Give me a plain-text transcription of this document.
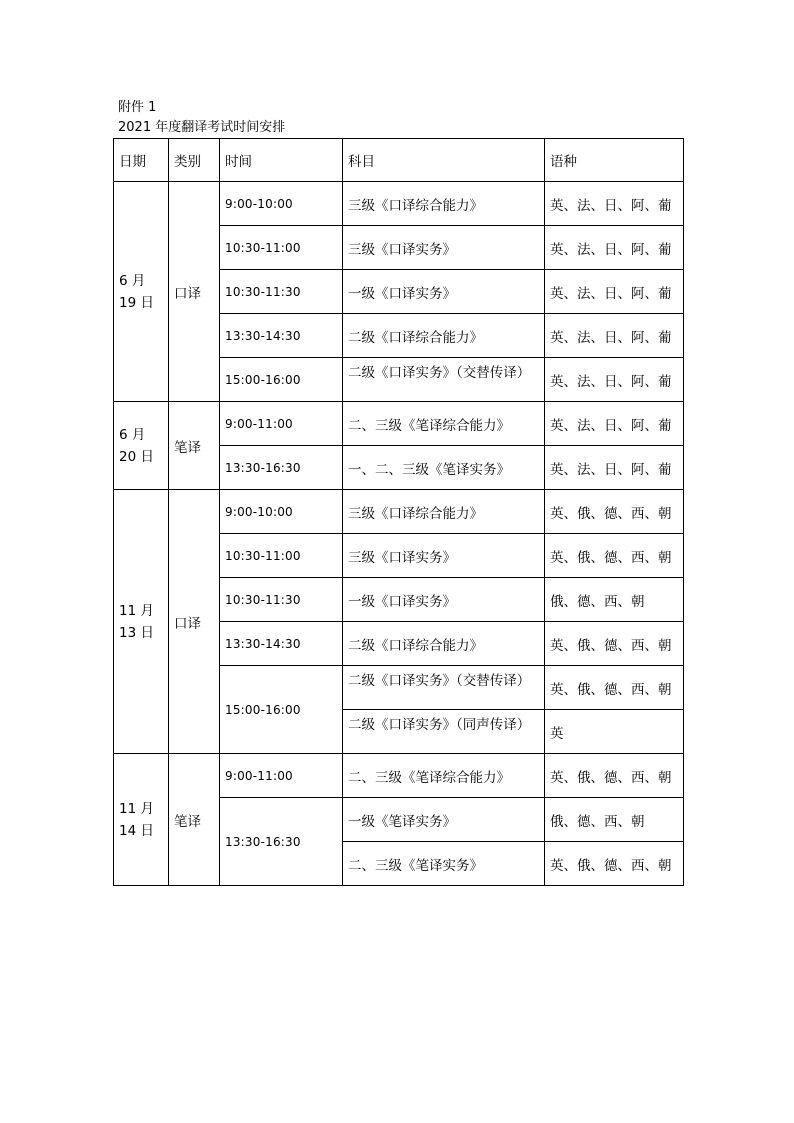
附件 1
2021 年度翻译考试时间安排
日期	类别	时间	科目	语种

6 月
19 日	口译	9:00-10:00	三级《口译综合能力》	英、法、日、阿、葡
		10:30-11:00	三级《口译实务》	英、法、日、阿、葡
		10:30-11:30	一级《口译实务》	英、法、日、阿、葡
		13:30-14:30	二级《口译综合能力》	英、法、日、阿、葡
		15:00-16:00	二级《口译实务》（交替传译）	英、法、日、阿、葡

6 月
20 日	笔译	9:00-11:00	二、三级《笔译综合能力》	英、法、日、阿、葡
		13:30-16:30	一、二、三级《笔译实务》	英、法、日、阿、葡

11 月
13 日	口译	9:00-10:00	三级《口译综合能力》	英、俄、德、西、朝
		10:30-11:00	三级《口译实务》	英、俄、德、西、朝
		10:30-11:30	一级《口译实务》	俄、德、西、朝
		13:30-14:30	二级《口译综合能力》	英、俄、德、西、朝
		15:00-16:00	二级《口译实务》（交替传译）	英、俄、德、西、朝
			二级《口译实务》（同声传译）	英

11 月
14 日	笔译	9:00-11:00	二、三级《笔译综合能力》	英、俄、德、西、朝
		13:30-16:30	一级《笔译实务》	俄、德、西、朝
			二、三级《笔译实务》	英、俄、德、西、朝
